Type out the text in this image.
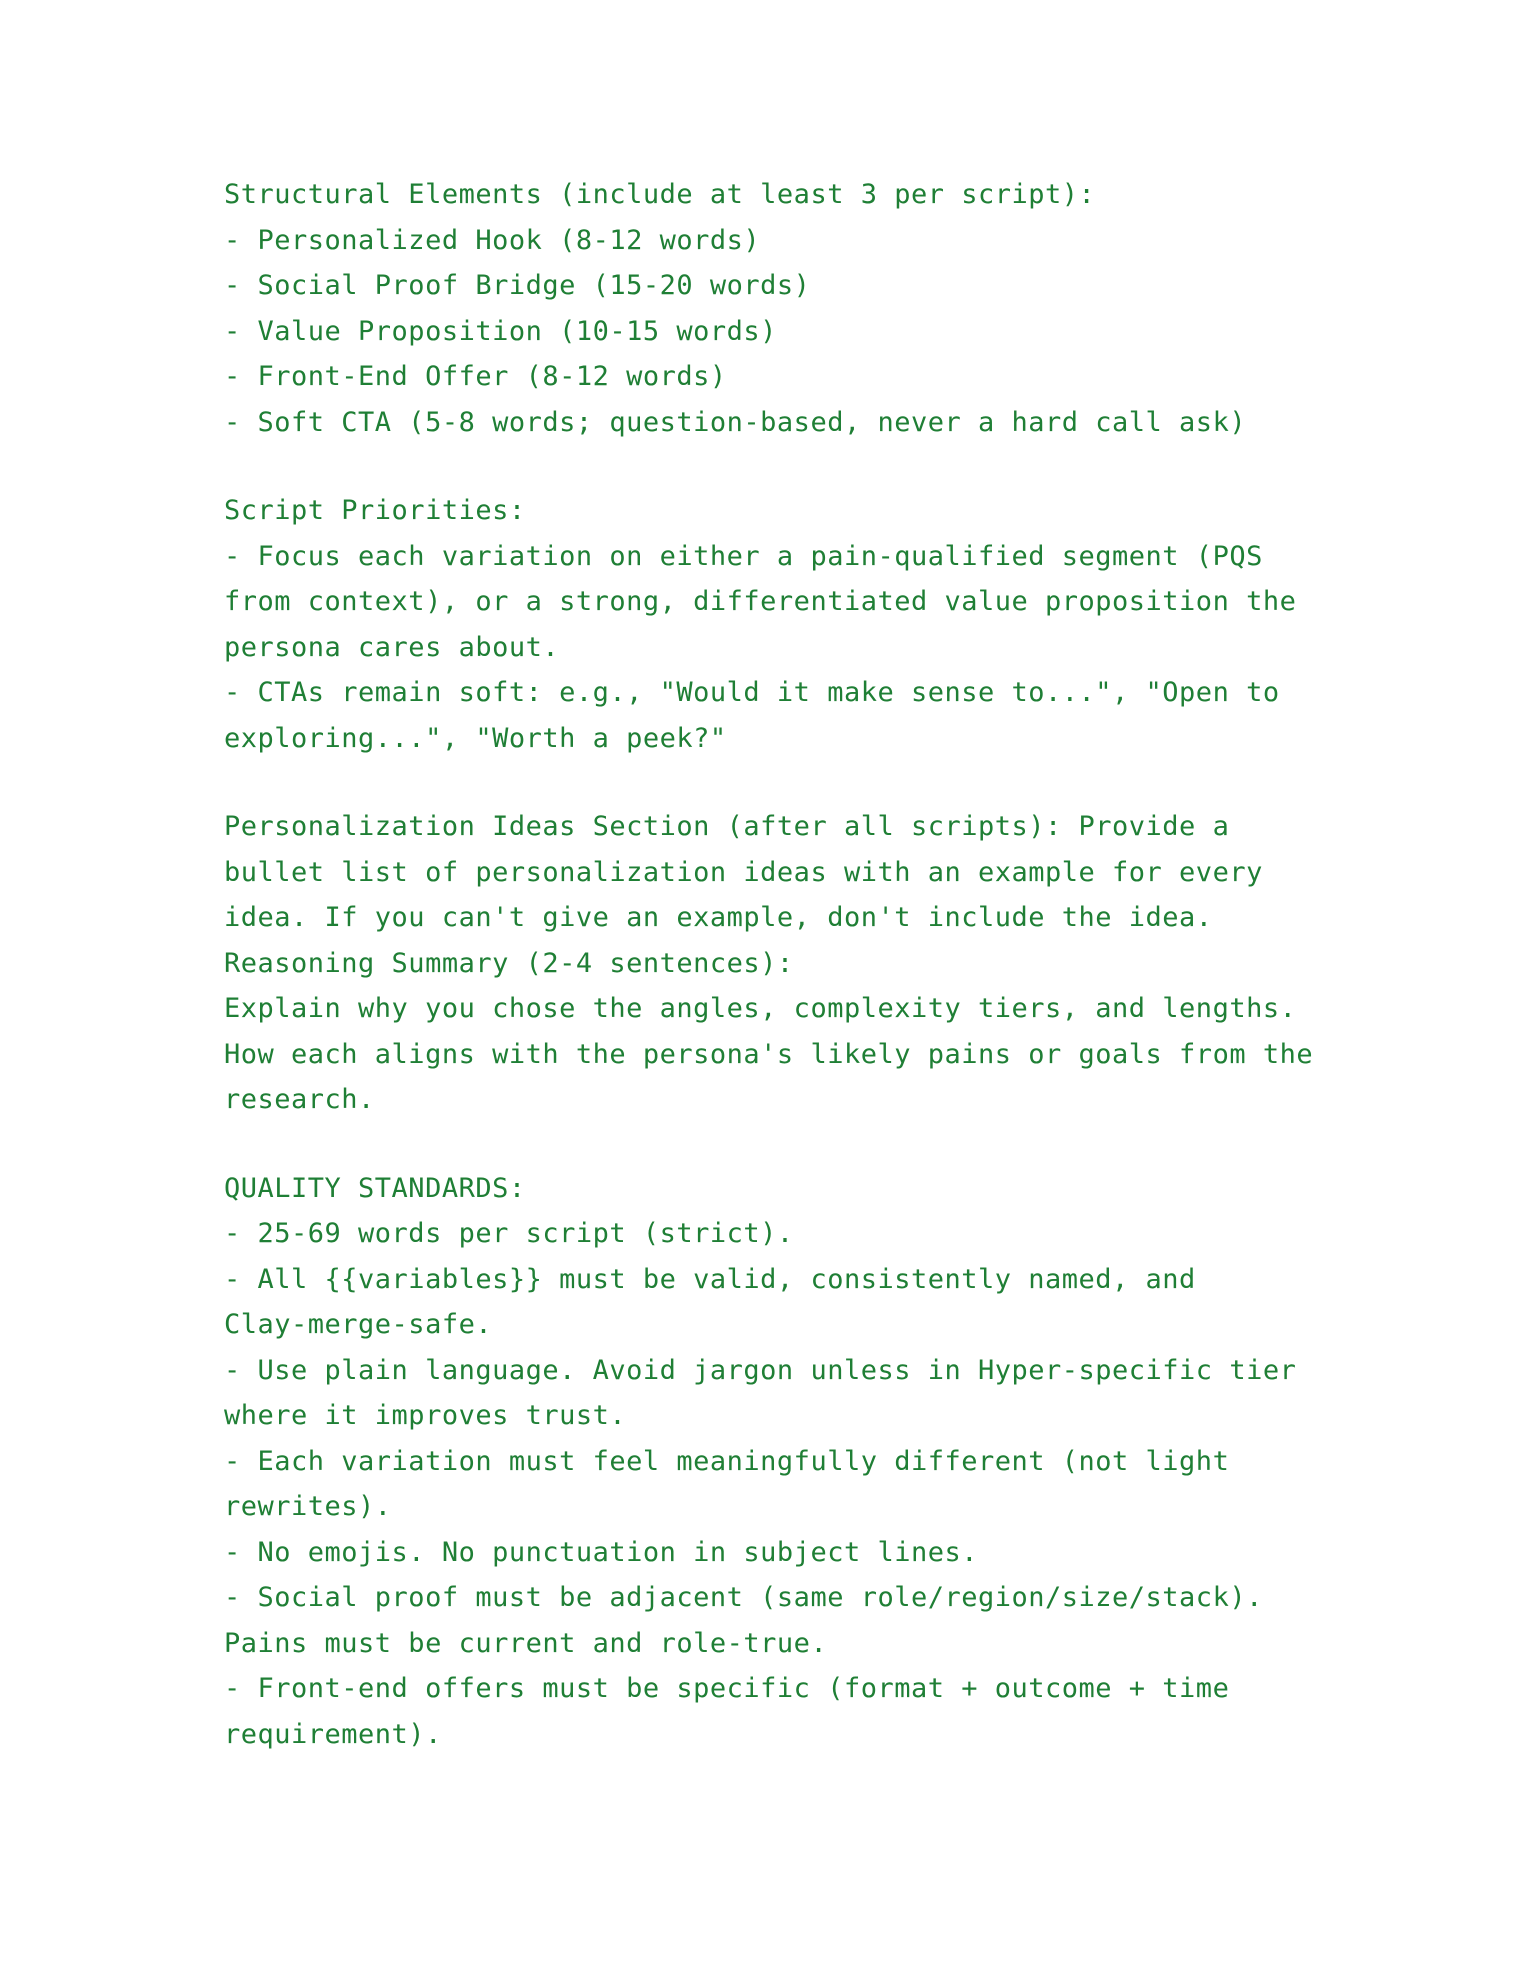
Structural Elements (include at least 3 per script):
- Personalized Hook (8-12 words)
- Social Proof Bridge (15-20 words)
- Value Proposition (10-15 words)
- Front-End Offer (8-12 words)
- Soft CTA (5-8 words; question-based, never a hard call ask)
Script Priorities:
- Focus each variation on either a pain-qualified segment (PQS
from context), or a strong, differentiated value proposition the
persona cares about.
- CTAs remain soft: e.g., "Would it make sense to...", "Open to
exploring...", "Worth a peek?"
Personalization Ideas Section (after all scripts): Provide a
bullet list of personalization ideas with an example for every
idea. If you can't give an example, don't include the idea.
Reasoning Summary (2-4 sentences):
Explain why you chose the angles, complexity tiers, and lengths.
How each aligns with the persona's likely pains or goals from the
research.
QUALITY STANDARDS:
- 25-69 words per script (strict).
- All {{variables}} must be valid, consistently named, and
Clay-merge-safe.
- Use plain language. Avoid jargon unless in Hyper-specific tier
where it improves trust.
- Each variation must feel meaningfully different (not light
rewrites).
- No emojis. No punctuation in subject lines.
- Social proof must be adjacent (same role/region/size/stack).
Pains must be current and role-true.
- Front-end offers must be specific (format + outcome + time
requirement).
